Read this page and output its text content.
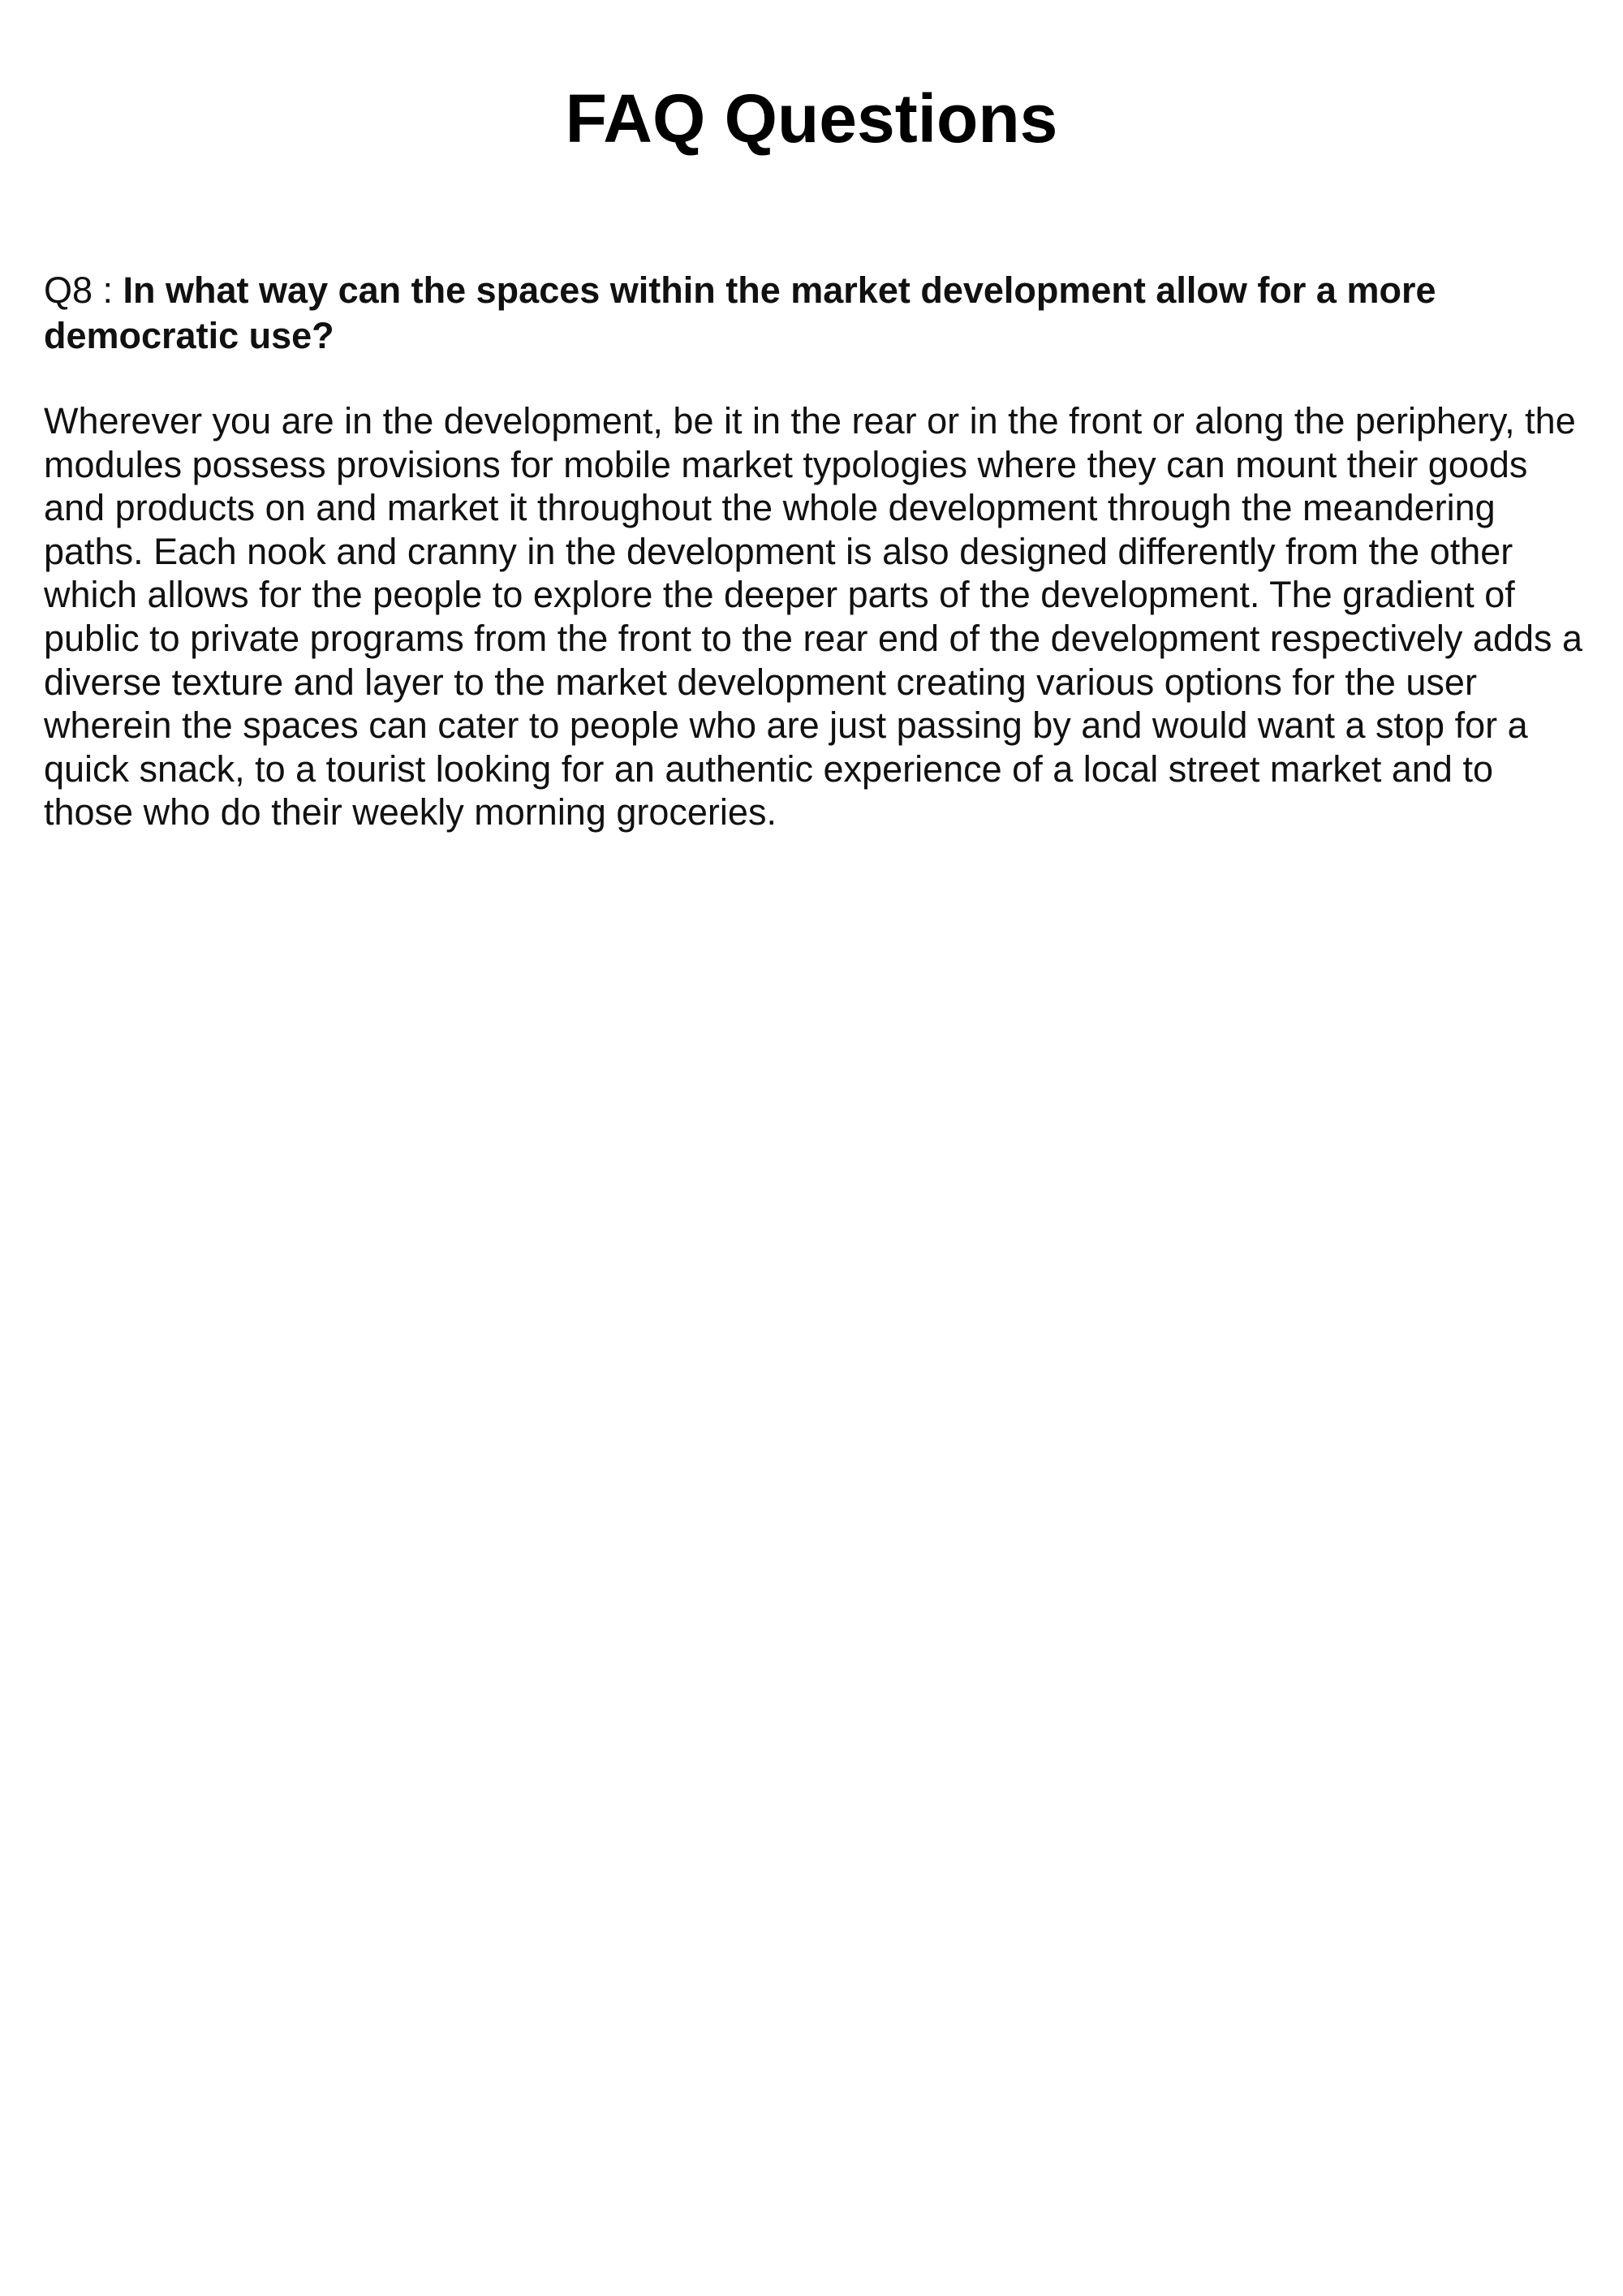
FAQ Questions

Q8 : In what way can the spaces within the market development allow for a more democratic use?

Wherever you are in the development, be it in the rear or in the front or along the periphery, the modules possess provisions for mobile market typologies where they can mount their goods and products on and market it throughout the whole development through the meandering paths. Each nook and cranny in the development is also designed differently from the other which allows for the people to explore the deeper parts of the development. The gradient of public to private programs from the front to the rear end of the development respectively adds a diverse texture and layer to the market development creating various options for the user wherein the spaces can cater to people who are just passing by and would want a stop for a quick snack, to a tourist looking for an authentic experience of a local street market and to those who do their weekly morning groceries.
